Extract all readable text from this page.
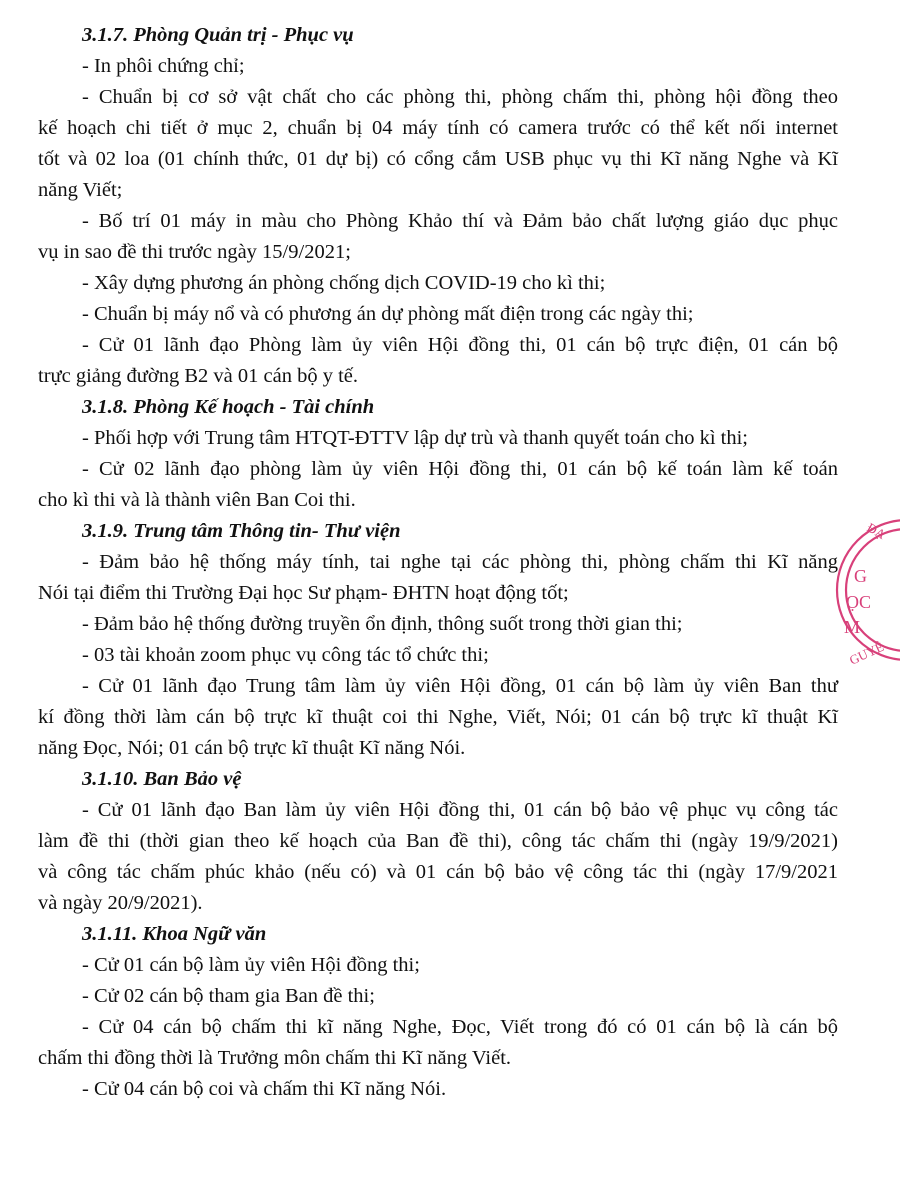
3.1.7. Phòng Quản trị - Phục vụ
- In phôi chứng chỉ;
- Chuẩn bị cơ sở vật chất cho các phòng thi, phòng chấm thi, phòng hội đồng theo
kế hoạch chi tiết ở mục 2, chuẩn bị 04 máy tính có camera trước có thể kết nối internet
tốt và 02 loa (01 chính thức, 01 dự bị) có cổng cắm USB phục vụ thi Kĩ năng Nghe và Kĩ
năng Viết;
- Bố trí 01 máy in màu cho Phòng Khảo thí và Đảm bảo chất lượng giáo dục phục
vụ in sao đề thi trước ngày 15/9/2021;
- Xây dựng phương án phòng chống dịch COVID-19 cho kì thi;
- Chuẩn bị máy nổ và có phương án dự phòng mất điện trong các ngày thi;
- Cử 01 lãnh đạo Phòng làm ủy viên Hội đồng thi, 01 cán bộ trực điện, 01 cán bộ
trực giảng đường B2 và 01 cán bộ y tế.
3.1.8. Phòng Kế hoạch - Tài chính
- Phối hợp với Trung tâm HTQT-ĐTTV lập dự trù và thanh quyết toán cho kì thi;
- Cử 02 lãnh đạo phòng làm ủy viên Hội đồng thi, 01 cán bộ kế toán làm kế toán
cho kì thi và là thành viên Ban Coi thi.
3.1.9. Trung tâm Thông tin- Thư viện
- Đảm bảo hệ thống máy tính, tai nghe tại các phòng thi, phòng chấm thi Kĩ năng
Nói tại điểm thi Trường Đại học Sư phạm- ĐHTN hoạt động tốt;
- Đảm bảo hệ thống đường truyền ổn định, thông suốt trong thời gian thi;
- 03 tài khoản zoom phục vụ công tác tổ chức thi;
- Cử 01 lãnh đạo Trung tâm làm ủy viên Hội đồng, 01 cán bộ làm ủy viên Ban thư
kí đồng thời làm cán bộ trực kĩ thuật coi thi Nghe, Viết, Nói; 01 cán bộ trực kĩ thuật Kĩ
năng Đọc, Nói; 01 cán bộ trực kĩ thuật Kĩ năng Nói.
3.1.10. Ban Bảo vệ
- Cử 01 lãnh đạo Ban làm ủy viên Hội đồng thi, 01 cán bộ bảo vệ phục vụ công tác
làm đề thi (thời gian theo kế hoạch của Ban đề thi), công tác chấm thi (ngày 19/9/2021)
và công tác chấm phúc khảo (nếu có) và 01 cán bộ bảo vệ công tác thi (ngày 17/9/2021
và ngày 20/9/2021).
3.1.11. Khoa Ngữ văn
- Cử 01 cán bộ làm ủy viên Hội đồng thi;
- Cử 02 cán bộ tham gia Ban đề thi;
- Cử 04 cán bộ chấm thi kĩ năng Nghe, Đọc, Viết trong đó có 01 cán bộ là cán bộ
chấm thi đồng thời là Trưởng môn chấm thi Kĩ năng Viết.
- Cử 04 cán bộ coi và chấm thi Kĩ năng Nói.
ĐẠ
G
ỌC
M
GUYÊ
